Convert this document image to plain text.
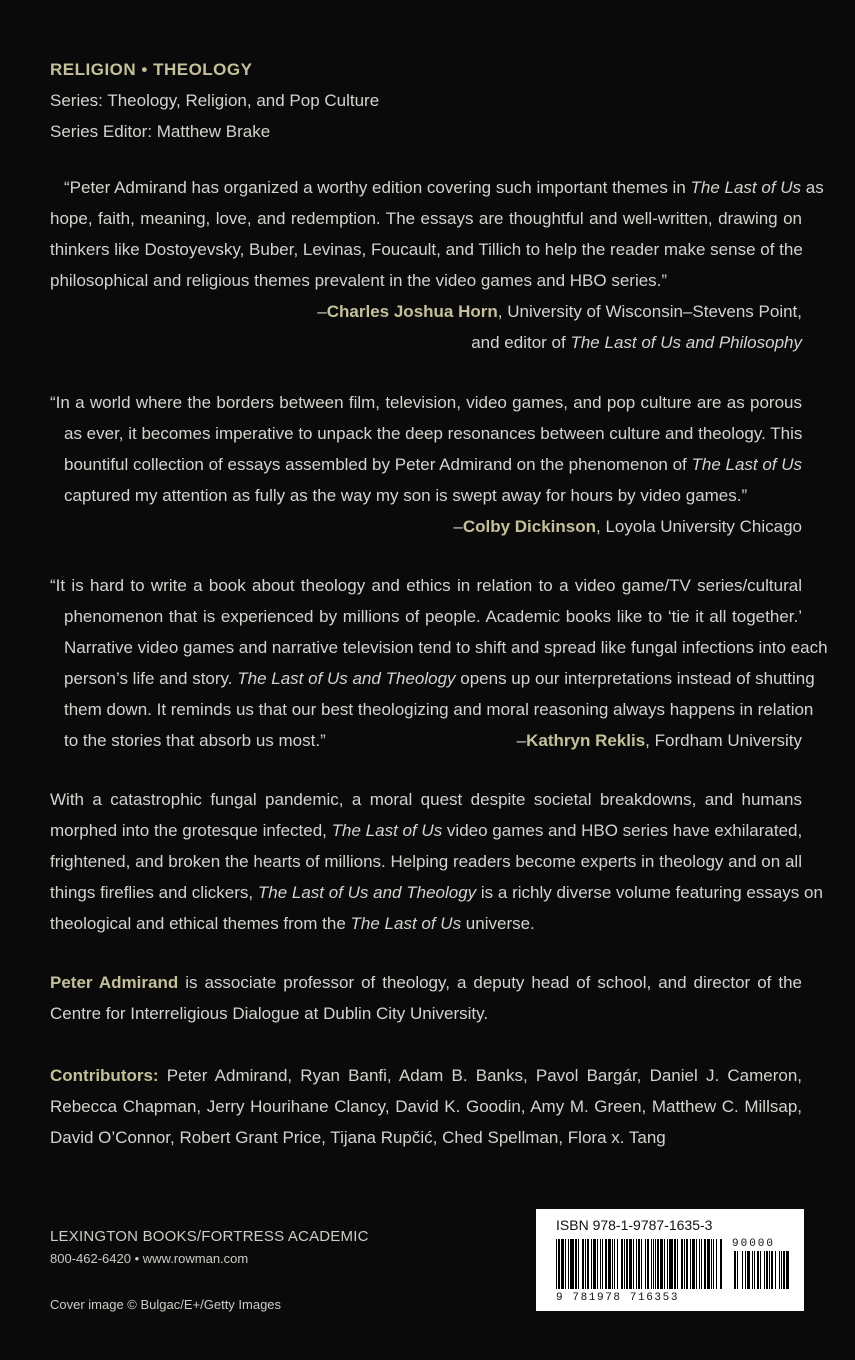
RELIGION • THEOLOGY
Series: Theology, Religion, and Pop Culture
Series Editor: Matthew Brake
“Peter Admirand has organized a worthy edition covering such important themes in The Last of Us as
hope, faith, meaning, love, and redemption. The essays are thoughtful and well-written, drawing on
thinkers like Dostoyevsky, Buber, Levinas, Foucault, and Tillich to help the reader make sense of the
philosophical and religious themes prevalent in the video games and HBO series.”
–Charles Joshua Horn, University of Wisconsin–Stevens Point,
and editor of The Last of Us and Philosophy
“In a world where the borders between film, television, video games, and pop culture are as porous
as ever, it becomes imperative to unpack the deep resonances between culture and theology. This
bountiful collection of essays assembled by Peter Admirand on the phenomenon of The Last of Us
captured my attention as fully as the way my son is swept away for hours by video games.”
–Colby Dickinson, Loyola University Chicago
“It is hard to write a book about theology and ethics in relation to a video game/TV series/cultural
phenomenon that is experienced by millions of people. Academic books like to ‘tie it all together.’
Narrative video games and narrative television tend to shift and spread like fungal infections into each
person’s life and story. The Last of Us and Theology opens up our interpretations instead of shutting
them down. It reminds us that our best theologizing and moral reasoning always happens in relation
to the stories that absorb us most.”	–Kathryn Reklis, Fordham University
With a catastrophic fungal pandemic, a moral quest despite societal breakdowns, and humans
morphed into the grotesque infected, The Last of Us video games and HBO series have exhilarated,
frightened, and broken the hearts of millions. Helping readers become experts in theology and on all
things fireflies and clickers, The Last of Us and Theology is a richly diverse volume featuring essays on
theological and ethical themes from the The Last of Us universe.
Peter Admirand is associate professor of theology, a deputy head of school, and director of the
Centre for Interreligious Dialogue at Dublin City University.
Contributors: Peter Admirand, Ryan Banfi, Adam B. Banks, Pavol Bargár, Daniel J. Cameron,
Rebecca Chapman, Jerry Hourihane Clancy, David K. Goodin, Amy M. Green, Matthew C. Millsap,
David O’Connor, Robert Grant Price, Tijana Rupčić, Ched Spellman, Flora x. Tang
LEXINGTON BOOKS/FORTRESS ACADEMIC
800-462-6420 • www.rowman.com
Cover image © Bulgac/E+/Getty Images
ISBN 978-1-9787-1635-3
90000
9 781978 716353
